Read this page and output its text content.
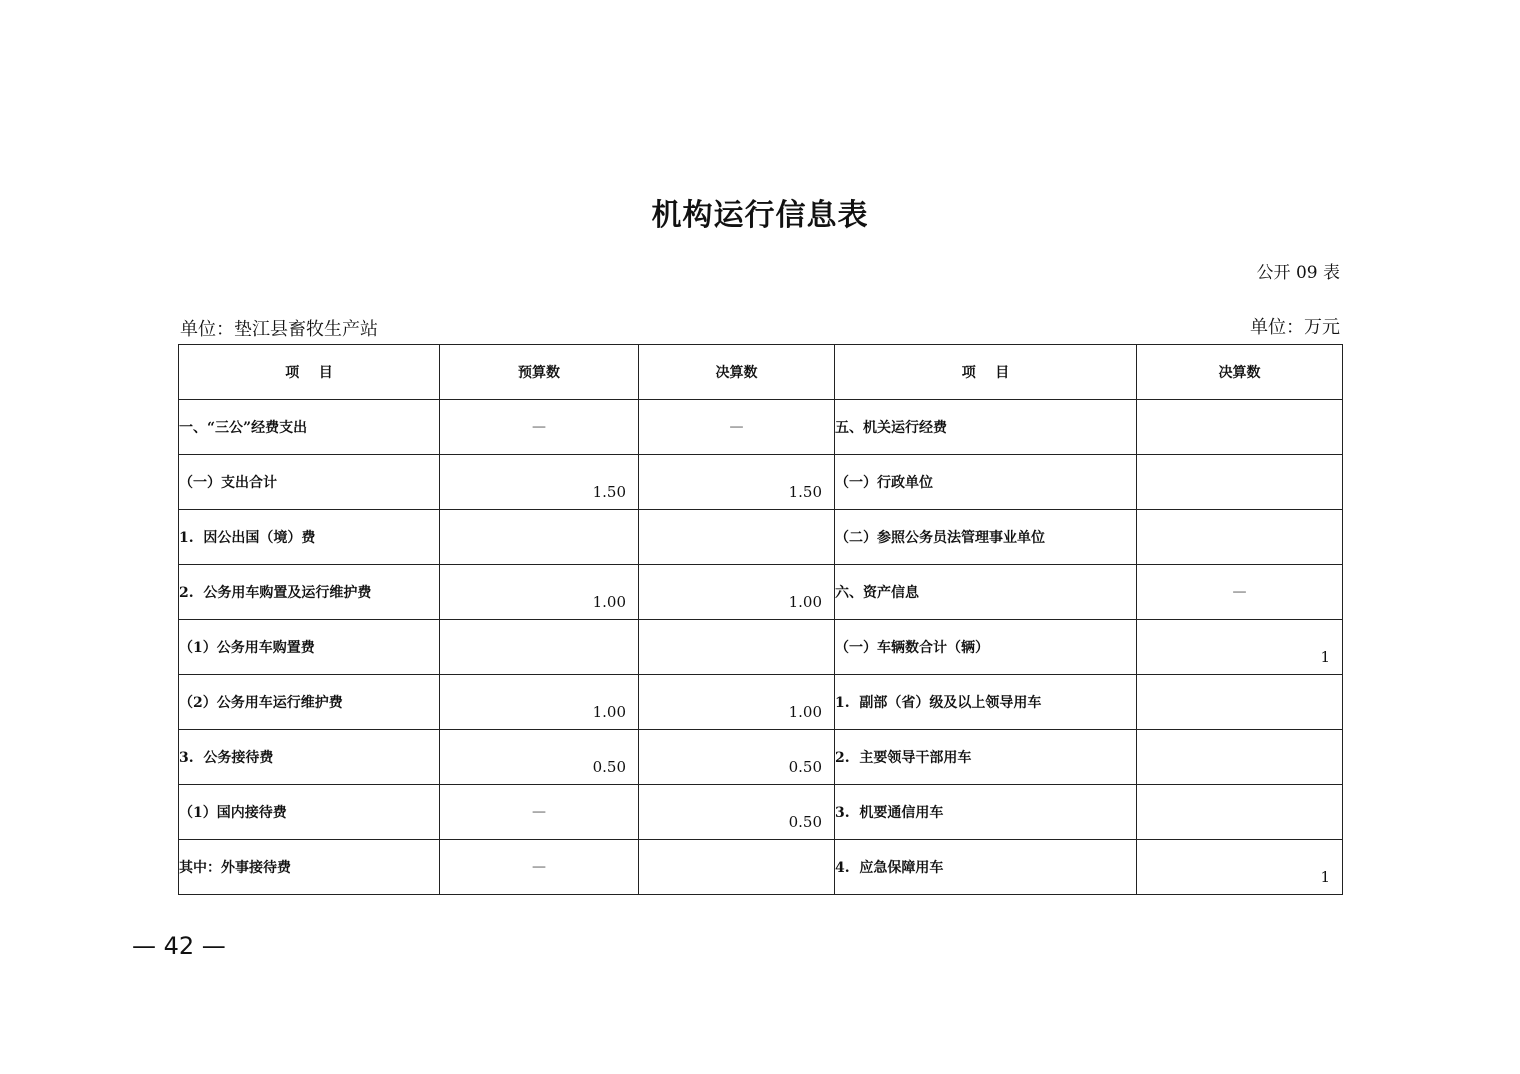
机构运行信息表
公开 09 表
单位：垫江县畜牧生产站	单位：万元
项    目	预算数	决算数	项    目	决算数
一、“三公”经费支出	—	—	五、机关运行经费	

（一）支出合计	1.50	1.50	（一）行政单位	

1.  因公出国（境）费			（二）参照公务员法管理事业单位	

2.  公务用车购置及运行维护费	1.00	1.00	六、资产信息	—

（1）公务用车购置费			（一）车辆数合计（辆）	1

（2）公务用车运行维护费	1.00	1.00	1.  副部（省）级及以上领导用车	

3.  公务接待费	0.50	0.50	2.  主要领导干部用车	

（1）国内接待费	—	0.50	3.  机要通信用车	

其中：外事接待费	—		4.  应急保障用车	1
— 42 —
